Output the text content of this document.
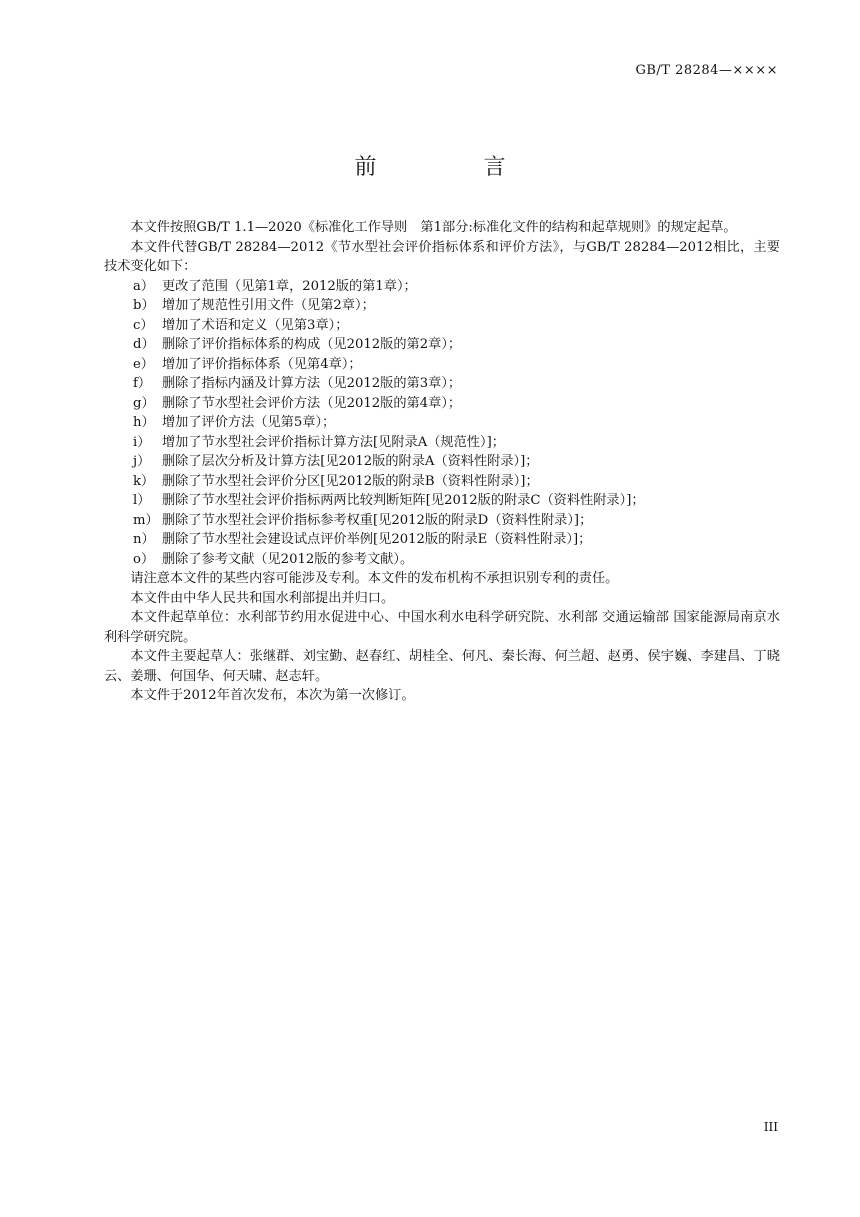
GB/T 28284—××××
前 言

本文件按照GB/T 1.1—2020《标准化工作导则　第1部分:标准化文件的结构和起草规则》的规定起草。

本文件代替GB/T 28284—2012《节水型社会评价指标体系和评价方法》，与GB/T 28284—2012相比，主要技术变化如下：

a） 更改了范围（见第1章，2012版的第1章）；
b） 增加了规范性引用文件（见第2章）；
c） 增加了术语和定义（见第3章）；
d） 删除了评价指标体系的构成（见2012版的第2章）；
e） 增加了评价指标体系（见第4章）；
f） 删除了指标内涵及计算方法（见2012版的第3章）；
g） 删除了节水型社会评价方法（见2012版的第4章）；
h） 增加了评价方法（见第5章）；
i） 增加了节水型社会评价指标计算方法[见附录A（规范性）]；
j） 删除了层次分析及计算方法[见2012版的附录A（资料性附录）]；
k） 删除了节水型社会评价分区[见2012版的附录B（资料性附录）]；
l） 删除了节水型社会评价指标两两比较判断矩阵[见2012版的附录C（资料性附录）]；
m） 删除了节水型社会评价指标参考权重[见2012版的附录D（资料性附录）]；
n） 删除了节水型社会建设试点评价举例[见2012版的附录E（资料性附录）]；
o） 删除了参考文献（见2012版的参考文献）。

请注意本文件的某些内容可能涉及专利。本文件的发布机构不承担识别专利的责任。

本文件由中华人民共和国水利部提出并归口。

本文件起草单位：水利部节约用水促进中心、中国水利水电科学研究院、水利部 交通运输部 国家能源局南京水利科学研究院。

本文件主要起草人：张继群、刘宝勤、赵春红、胡桂全、何凡、秦长海、何兰超、赵勇、侯宇巍、李建昌、丁晓云、姜珊、何国华、何天啸、赵志轩。

本文件于2012年首次发布，本次为第一次修订。

III
